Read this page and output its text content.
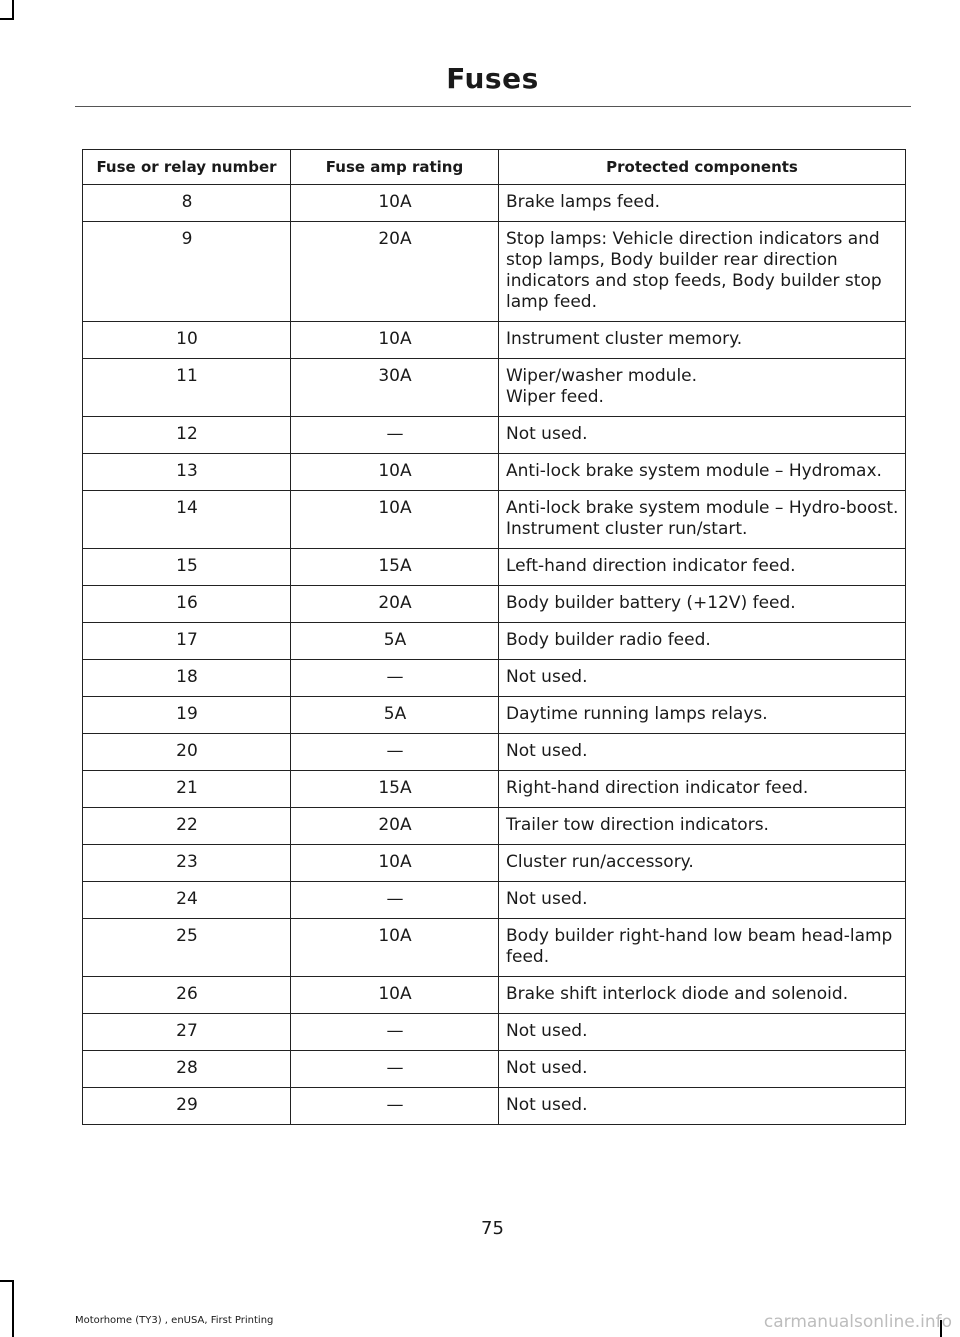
Fuses
Fuse or relay number	Fuse amp rating	Protected components
8	10A	Brake lamps feed.

9	20A	Stop lamps: Vehicle direction indicators and stop lamps, Body builder rear direction indicators and stop feeds, Body builder stop lamp feed.

10	10A	Instrument cluster memory.

11	30A	Wiper/washer module.
Wiper feed.

12	—	Not used.

13	10A	Anti-lock brake system module – Hydromax.

14	10A	Anti-lock brake system module – Hydro-boost.
Instrument cluster run/start.

15	15A	Left-hand direction indicator feed.

16	20A	Body builder battery (+12V) feed.

17	5A	Body builder radio feed.

18	—	Not used.

19	5A	Daytime running lamps relays.

20	—	Not used.

21	15A	Right-hand direction indicator feed.

22	20A	Trailer tow direction indicators.

23	10A	Cluster run/accessory.

24	—	Not used.

25	10A	Body builder right-hand low beam head-lamp feed.

26	10A	Brake shift interlock diode and solenoid.

27	—	Not used.

28	—	Not used.

29	—	Not used.
75
Motorhome (TY3) , enUSA, First Printing	carmanualsonline.info
